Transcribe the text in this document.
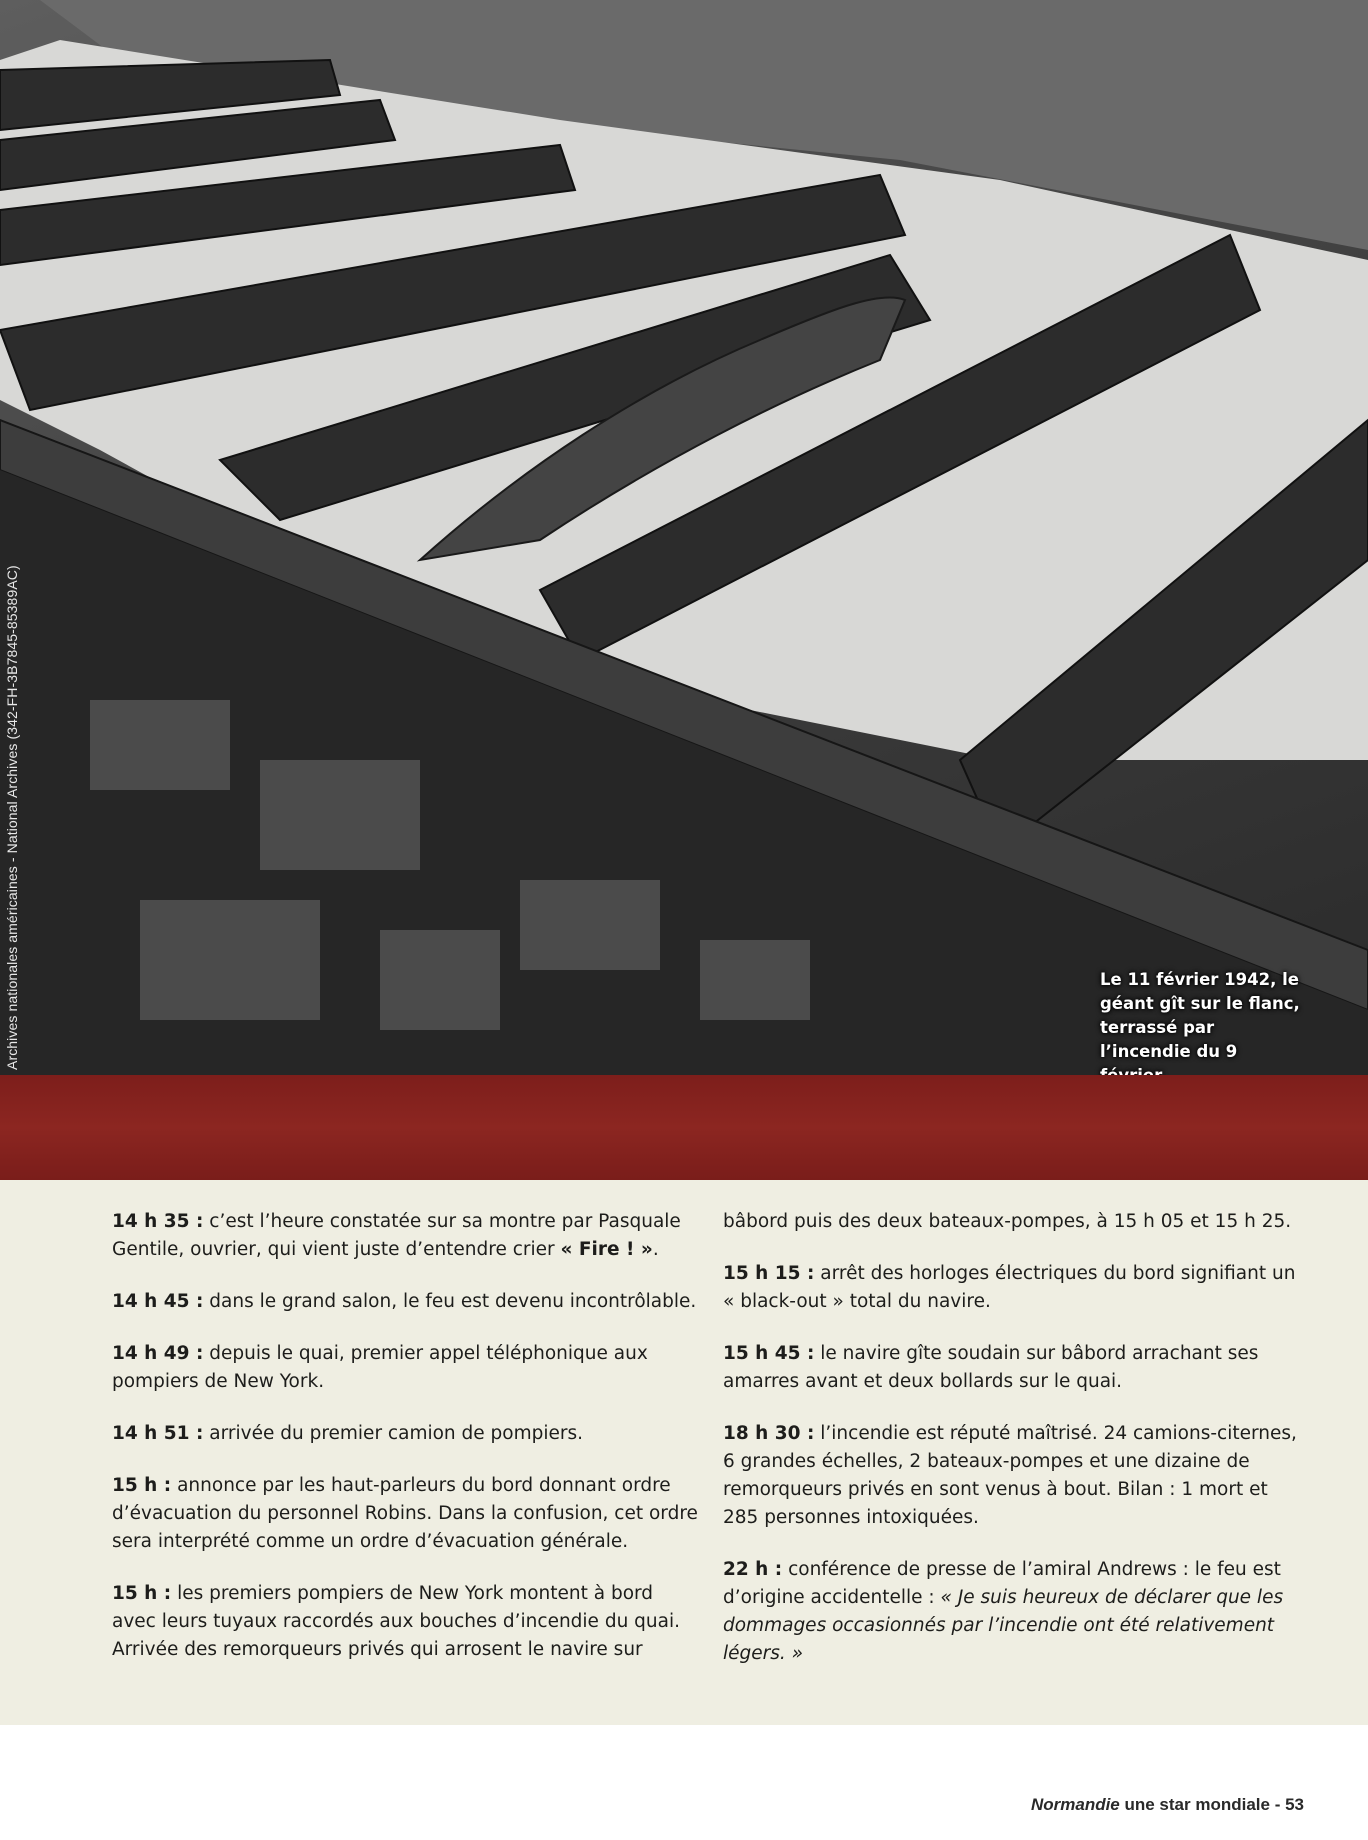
Archives nationales américaines - National Archives (342-FH-3B7845-85389AC)	Le 11 février 1942, le géant gît sur le flanc, terrassé par l’incendie du 9

14 h 35 : c’est l’heure constatée sur sa montre par Pasquale Gentile, ouvrier, qui vient juste d’entendre crier « Fire ! ».

14 h 45 : dans le grand salon, le feu est devenu incontrôlable.

14 h 49 : depuis le quai, premier appel téléphonique aux pompiers de New York.

14 h 51 : arrivée du premier camion de pompiers.

15 h : annonce par les haut-parleurs du bord donnant ordre d’évacuation du personnel Robins. Dans la confusion, cet ordre sera interprété comme un ordre d’évacuation générale.

15 h : les premiers pompiers de New York montent à bord avec leurs tuyaux raccordés aux bouches d’incendie du quai. Arrivée des remorqueurs privés qui arrosent le navire sur

bâbord puis des deux bateaux-pompes, à 15 h 05 et 15 h 25.

15 h 15 : arrêt des horloges électriques du bord signifiant un « black-out » total du navire.

15 h 45 : le navire gîte soudain sur bâbord arrachant ses amarres avant et deux bollards sur le quai.

18 h 30 : l’incendie est réputé maîtrisé. 24 camions-citernes, 6 grandes échelles, 2 bateaux-pompes et une dizaine de remorqueurs privés en sont venus à bout. Bilan : 1 mort et 285 personnes intoxiquées.

22 h : conférence de presse de l’amiral Andrews : le feu est d’origine accidentelle : « Je suis heureux de déclarer que les dommages occasionnés par l’incendie ont été relativement légers. »

Normandie une star mondiale - 53
